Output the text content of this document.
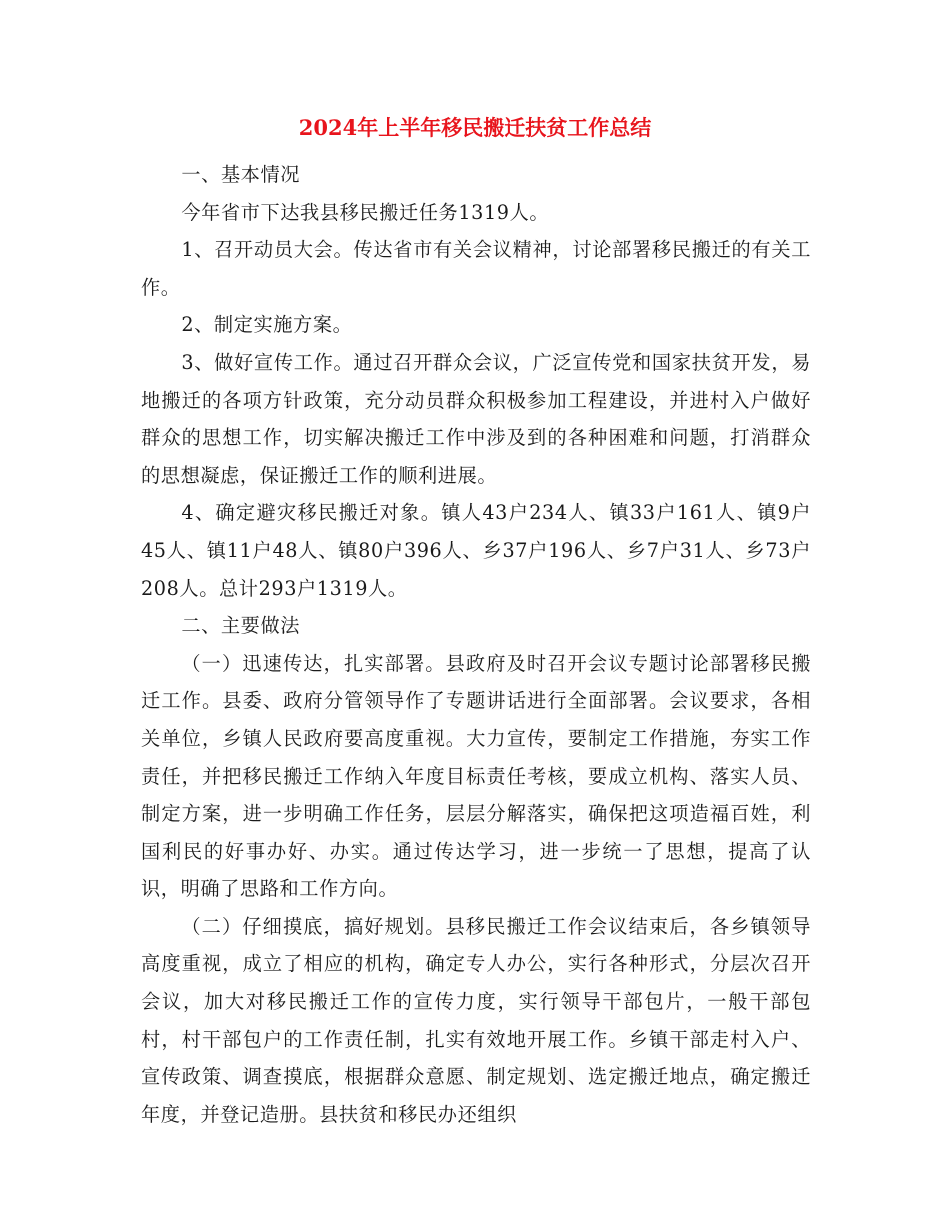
2024年上半年移民搬迁扶贫工作总结

一、基本情况

今年省市下达我县移民搬迁任务1319人。

1、召开动员大会。传达省市有关会议精神，讨论部署移民搬迁的有关工作。

2、制定实施方案。

3、做好宣传工作。通过召开群众会议，广泛宣传党和国家扶贫开发，易地搬迁的各项方针政策，充分动员群众积极参加工程建设，并进村入户做好群众的思想工作，切实解决搬迁工作中涉及到的各种困难和问题，打消群众的思想凝虑，保证搬迁工作的顺利进展。

4、确定避灾移民搬迁对象。镇人43户234人、镇33户161人、镇9户45人、镇11户48人、镇80户396人、乡37户196人、乡7户31人、乡73户208人。总计293户1319人。

二、主要做法

（一）迅速传达，扎实部署。县政府及时召开会议专题讨论部署移民搬迁工作。县委、政府分管领导作了专题讲话进行全面部署。会议要求，各相关单位，乡镇人民政府要高度重视。大力宣传，要制定工作措施，夯实工作责任，并把移民搬迁工作纳入年度目标责任考核，要成立机构、落实人员、制定方案，进一步明确工作任务，层层分解落实，确保把这项造福百姓，利国利民的好事办好、办实。通过传达学习，进一步统一了思想，提高了认识，明确了思路和工作方向。

（二）仔细摸底，搞好规划。县移民搬迁工作会议结束后，各乡镇领导高度重视，成立了相应的机构，确定专人办公，实行各种形式，分层次召开会议，加大对移民搬迁工作的宣传力度，实行领导干部包片，一般干部包村，村干部包户的工作责任制，扎实有效地开展工作。乡镇干部走村入户、宣传政策、调查摸底，根据群众意愿、制定规划、选定搬迁地点，确定搬迁年度，并登记造册。县扶贫和移民办还组织
